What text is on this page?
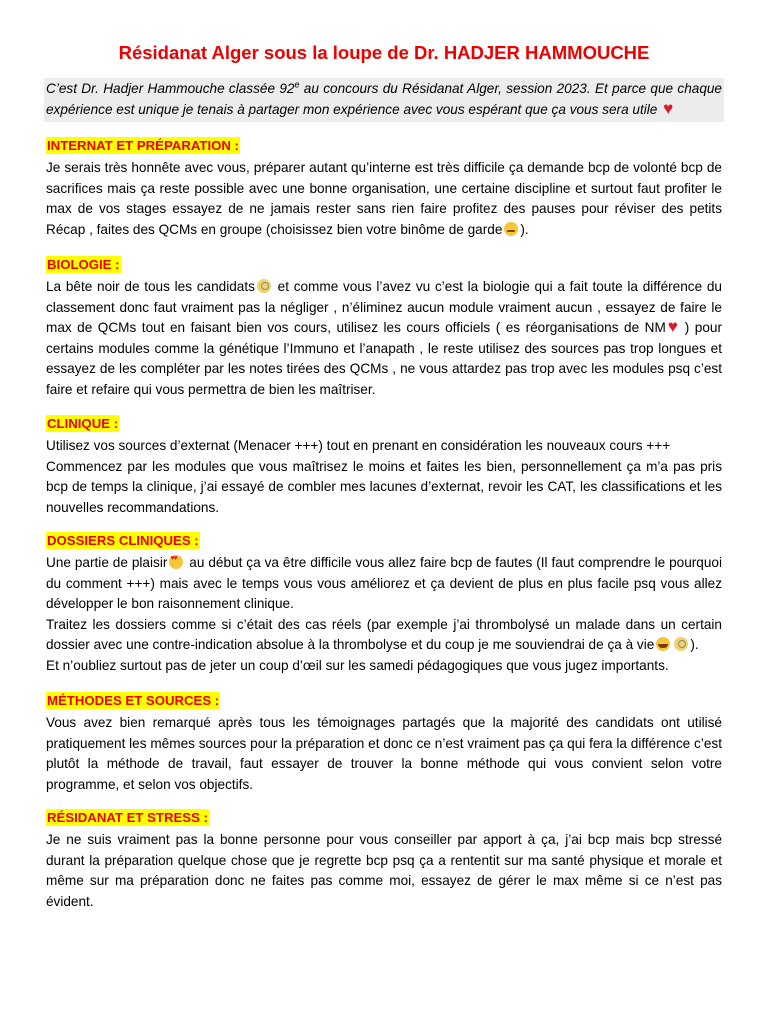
Résidanat Alger sous la loupe de Dr. HADJER HAMMOUCHE

C’est Dr. Hadjer Hammouche classée 92e au concours du Résidanat Alger, session 2023. Et parce que chaque
expérience est unique je tenais à partager mon expérience avec vous espérant que ça vous sera utile ♥

INTERNAT ET PRÉPARATION :
Je serais très honnête avec vous, préparer autant qu’interne est très difficile ça demande bcp de volonté bcp de sacrifices mais ça reste possible avec une bonne organisation, une certaine discipline et surtout faut profiter le max de vos stages essayez de ne jamais rester sans rien faire profitez des pauses pour réviser des petits Récap , faites des QCMs en groupe (choisissez bien votre binôme de garde ).
BIOLOGIE :
La bête noir de tous les candidats et comme vous l’avez vu c’est la biologie qui a fait toute la différence du classement donc faut vraiment pas la négliger , n’éliminez aucun module vraiment aucun , essayez de faire le max de QCMs tout en faisant bien vos cours, utilisez les cours officiels ( es réorganisations de NM♥ ) pour certains modules comme la génétique l’Immuno et l’anapath , le reste utilisez des sources pas trop longues et essayez de les compléter par les notes tirées des QCMs , ne vous attardez pas trop avec les modules psq c’est faire et refaire qui vous permettra de bien les maîtriser.
CLINIQUE :
Utilisez vos sources d’externat (Menacer +++) tout en prenant en considération les nouveaux cours +++
Commencez par les modules que vous maîtrisez le moins et faites les bien, personnellement ça m’a pas pris bcp de temps la clinique, j’ai essayé de combler mes lacunes d’externat, revoir les CAT, les classifications et les nouvelles recommandations.
DOSSIERS CLINIQUES :
Une partie de plaisir♥♥ au début ça va être difficile vous allez faire bcp de fautes (Il faut comprendre le pourquoi du comment +++) mais avec le temps vous vous améliorez et ça devient de plus en plus facile psq vous allez développer le bon raisonnement clinique.
Traitez les dossiers comme si c’était des cas réels (par exemple j’ai thrombolysé un malade dans un certain dossier avec une contre-indication absolue à la thrombolyse et du coup je me souviendrai de ça à vie	).
Et n’oubliez surtout pas de jeter un coup d’œil sur les samedi pédagogiques que vous jugez importants.
MÉTHODES ET SOURCES :
Vous avez bien remarqué après tous les témoignages partagés que la majorité des candidats ont utilisé pratiquement les mêmes sources pour la préparation et donc ce n’est vraiment pas ça qui fera la différence c’est plutôt la méthode de travail, faut essayer de trouver la bonne méthode qui vous convient selon votre programme, et selon vos objectifs.
RÉSIDANAT ET STRESS :
Je ne suis vraiment pas la bonne personne pour vous conseiller par apport à ça, j’ai bcp mais bcp stressé durant la préparation quelque chose que je regrette bcp psq ça a rententit sur ma santé physique et morale et même sur ma préparation donc ne faites pas comme moi, essayez de gérer le max même si ce n’est pas évident.
